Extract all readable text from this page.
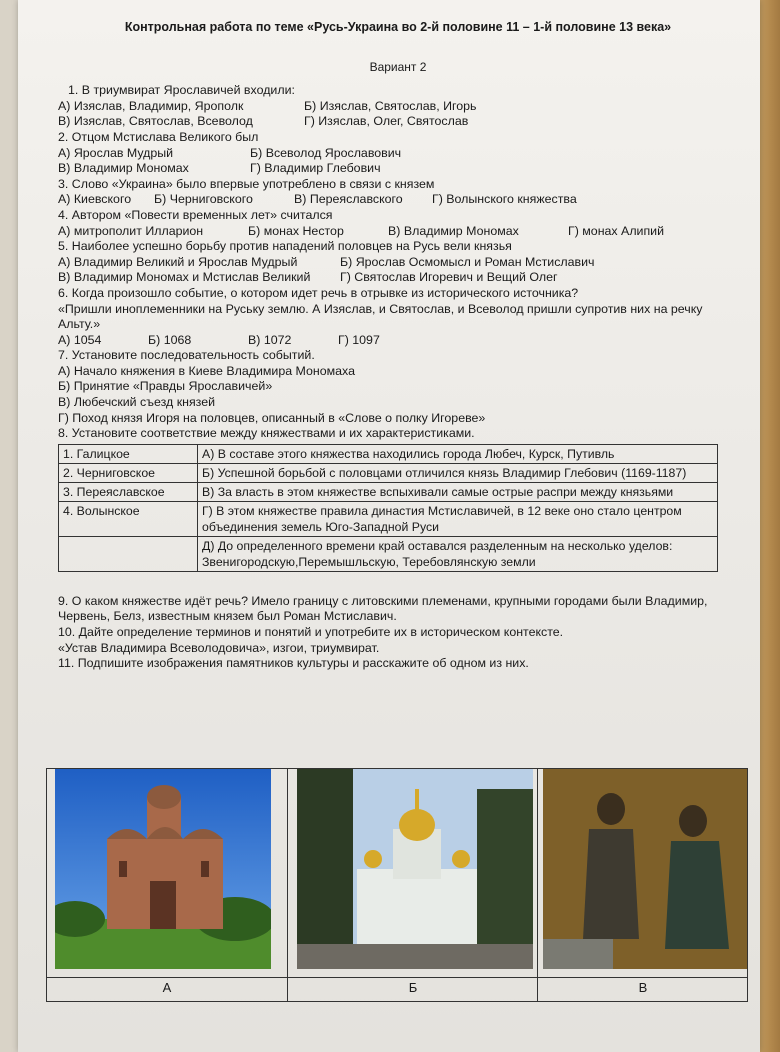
Контрольная работа по теме «Русь-Украина во 2-й половине 11 – 1-й половине 13 века»
Вариант 2
1. В триумвират Ярославичей входили:
А) Изяслав, Владимир, Ярополк	Б) Изяслав, Святослав, Игорь
В) Изяслав, Святослав, Всеволод	Г) Изяслав, Олег, Святослав
2. Отцом Мстислава Великого был
А) Ярослав Мудрый	Б) Всеволод Ярославович
В) Владимир Мономах	Г) Владимир Глебович
3. Слово «Украина» было впервые употреблено в связи с князем
А) Киевского	Б) Черниговского	В) Переяславского	Г) Волынского княжества
4. Автором «Повести временных лет» считался
А) митрополит Илларион	Б) монах Нестор	В) Владимир Мономах	Г) монах Алипий
5. Наиболее успешно борьбу против нападений половцев на Русь вели князья
А) Владимир Великий и Ярослав Мудрый	Б) Ярослав Осмомысл и Роман Мстиславич
В) Владимир Мономах и Мстислав Великий	Г) Святослав Игоревич и Вещий Олег
6. Когда произошло событие, о котором идет речь в отрывке из исторического источника?
«Пришли иноплеменники на Руську землю. А Изяслав, и Святослав, и Всеволод пришли супротив них на речку Альту.»
А) 1054	Б) 1068	В) 1072	Г) 1097
7. Установите последовательность событий.
А) Начало княжения в Киеве Владимира Мономаха
Б) Принятие «Правды Ярославичей»
В) Любечский съезд князей
Г) Поход князя Игоря на половцев, описанный в «Слове о полку Игореве»
8. Установите соответствие между княжествами и их характеристиками.
1. Галицкое	А) В составе этого княжества находились города Любеч, Курск, Путивль
2. Черниговское	Б) Успешной борьбой с половцами отличился князь Владимир Глебович (1169-1187)
3. Переяславское	В) За власть в этом княжестве вспыхивали самые острые распри между князьями
4. Волынское	Г) В этом княжестве правила династия Мстиславичей, в 12 веке оно стало центром объединения земель Юго-Западной Руси
	Д) До определенного времени край оставался разделенным на несколько уделов: Звенигородскую,Перемышльскую, Теребовлянскую земли
9. О каком княжестве идёт речь? Имело границу с литовскими племенами, крупными городами были Владимир, Червень, Белз, известным князем был Роман Мстиславич.
10. Дайте определение терминов и понятий и употребите их в историческом контексте.
«Устав Владимира Всеволодовича», изгои, триумвират.
11. Подпишите изображения памятников культуры и расскажите об одном из них.
А	Б	В
